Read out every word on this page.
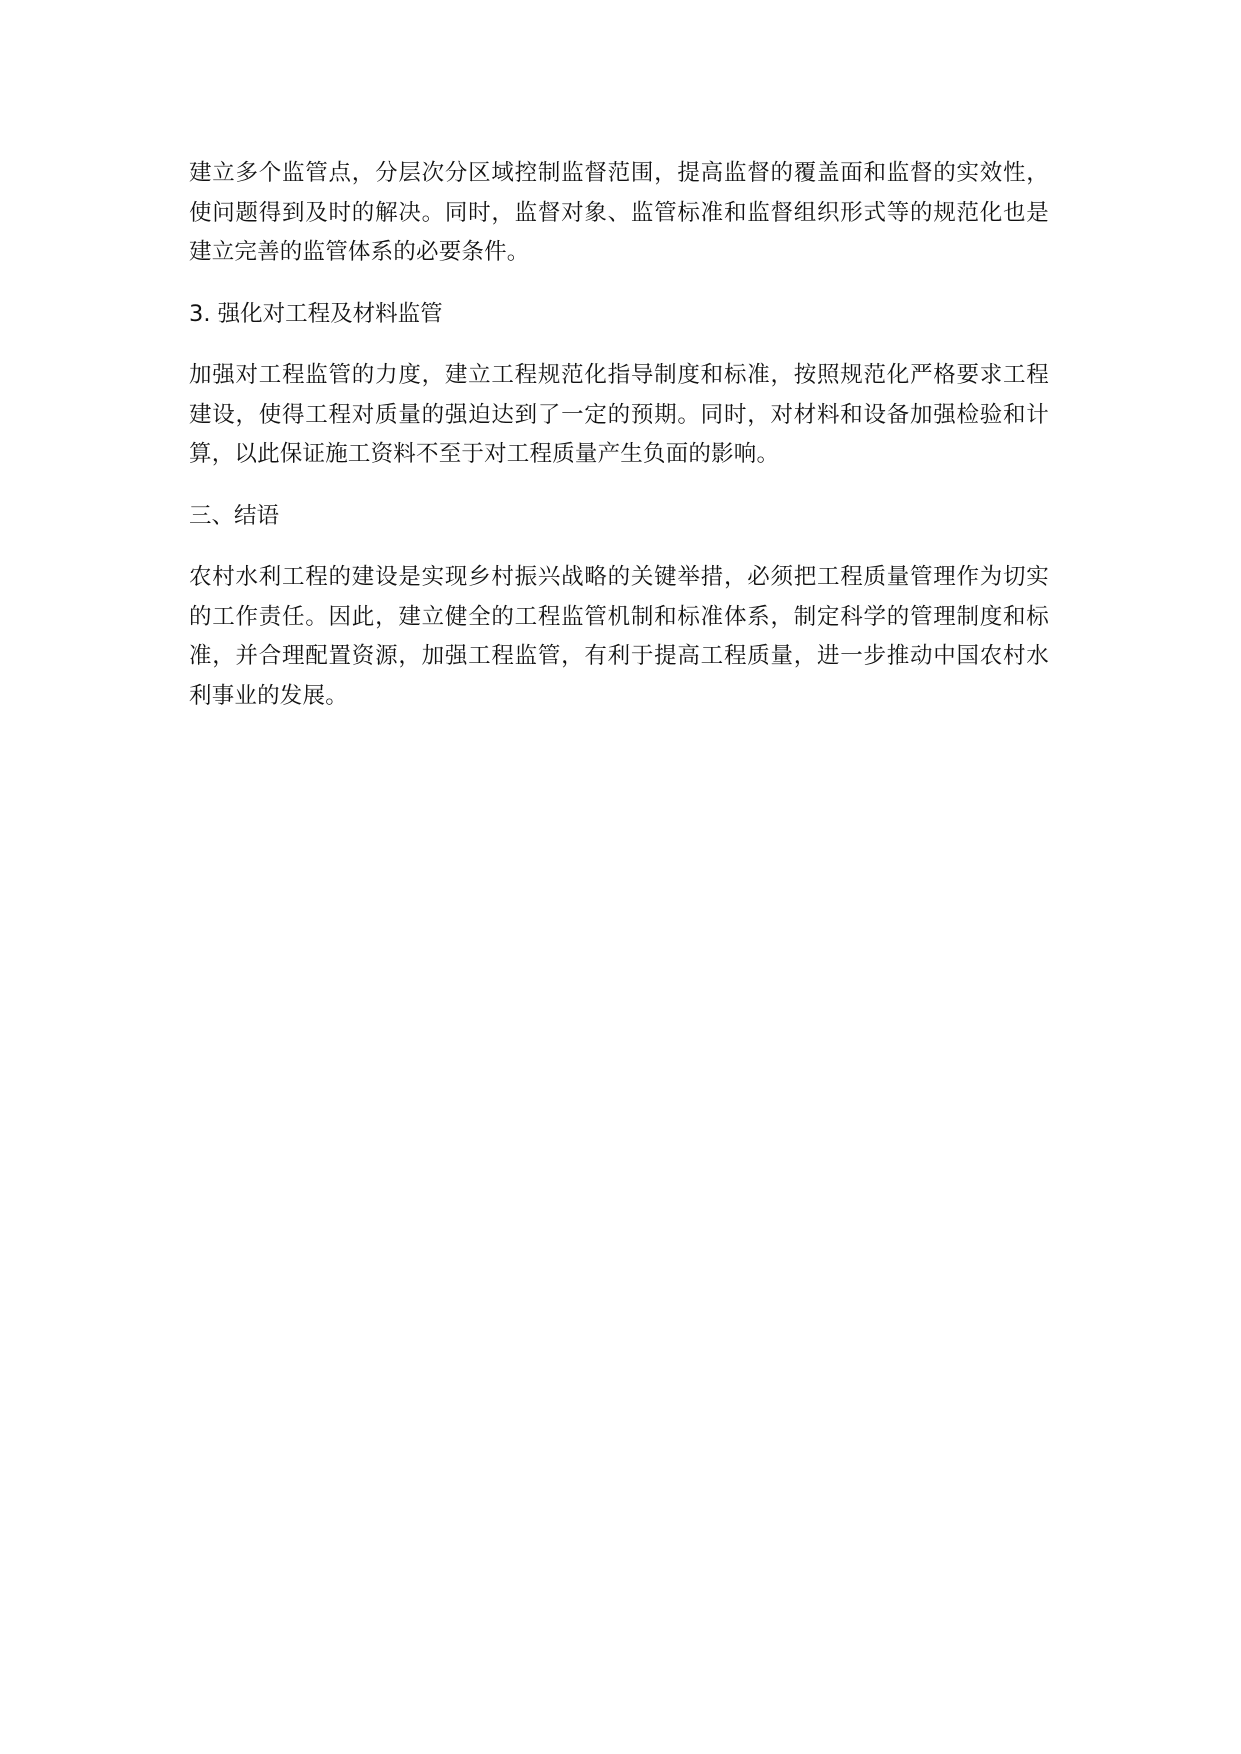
建立多个监管点，分层次分区域控制监督范围，提高监督的覆盖面和监督的实效性，使问题得到及时的解决。同时，监督对象、监管标准和监督组织形式等的规范化也是建立完善的监管体系的必要条件。

3. 强化对工程及材料监管

加强对工程监管的力度，建立工程规范化指导制度和标准，按照规范化严格要求工程建设，使得工程对质量的强迫达到了一定的预期。同时，对材料和设备加强检验和计算，以此保证施工资料不至于对工程质量产生负面的影响。

三、结语

农村水利工程的建设是实现乡村振兴战略的关键举措，必须把工程质量管理作为切实的工作责任。因此，建立健全的工程监管机制和标准体系，制定科学的管理制度和标准，并合理配置资源，加强工程监管，有利于提高工程质量，进一步推动中国农村水利事业的发展。
